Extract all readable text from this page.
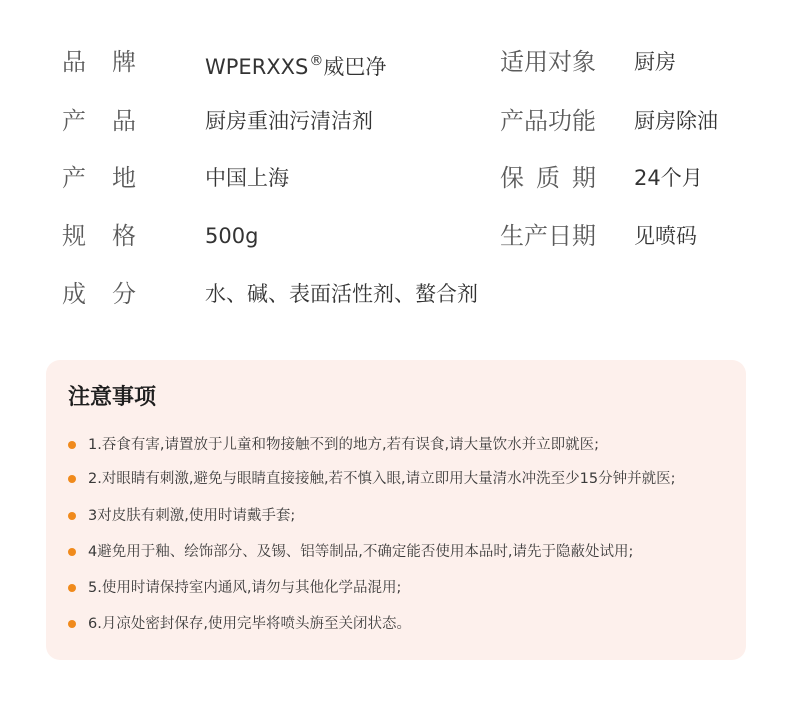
品牌 WPERXXS®威巴净	适用对象 厨房
产品 厨房重油污清洁剂	产品功能 厨房除油
产地 中国上海	保质期 24个月
规格 500g	生产日期 见喷码
成分 水、碱、表面活性剂、螯合剂
注意事项
1.吞食有害,请置放于儿童和物接触不到的地方,若有误食,请大量饮水并立即就医;
2.对眼睛有刺激,避免与眼睛直接接触,若不慎入眼,请立即用大量清水冲洗至少15分钟并就医;
3对皮肤有刺激,使用时请戴手套;
4避免用于釉、绘饰部分、及锡、铝等制品,不确定能否使用本品时,请先于隐蔽处试用;
5.使用时请保持室内通风,请勿与其他化学品混用;
6.月凉处密封保存,使用完毕将喷头旃至关闭状态。
